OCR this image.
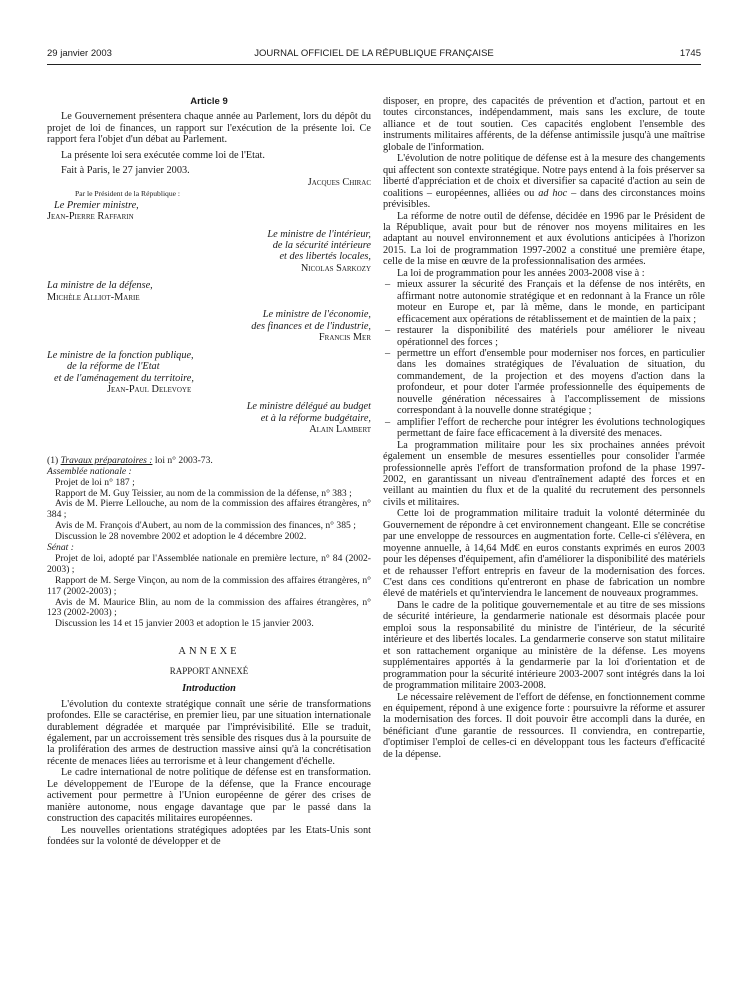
29 janvier 2003	JOURNAL OFFICIEL DE LA RÉPUBLIQUE FRANÇAISE	1745

Article 9

Le Gouvernement présentera chaque année au Parlement, lors du dépôt du projet de loi de finances, un rapport sur l'exécution de la présente loi. Ce rapport fera l'objet d'un débat au Parlement.

La présente loi sera exécutée comme loi de l'Etat.

Fait à Paris, le 27 janvier 2003.

Jacques Chirac

Par le Président de la République :

Le Premier ministre,

Jean-Pierre Raffarin

Le ministre de l'intérieur,

de la sécurité intérieure

et des libertés locales,

Nicolas Sarkozy

La ministre de la défense,

Michèle Alliot-Marie

Le ministre de l'économie,

des finances et de l'industrie,

Francis Mer

Le ministre de la fonction publique,

de la réforme de l'Etat

et de l'aménagement du territoire,

Jean-Paul Delevoye

Le ministre délégué au budget

et à la réforme budgétaire,

Alain Lambert

(1) Travaux préparatoires : loi n° 2003-73.

Assemblée nationale :

Projet de loi n° 187 ;

Rapport de M. Guy Teissier, au nom de la commission de la défense, n° 383 ;

Avis de M. Pierre Lellouche, au nom de la commission des affaires étrangères, n° 384 ;

Avis de M. François d'Aubert, au nom de la commission des finances, n° 385 ;

Discussion le 28 novembre 2002 et adoption le 4 décembre 2002.

Sénat :

Projet de loi, adopté par l'Assemblée nationale en première lecture, n° 84 (2002-2003) ;

Rapport de M. Serge Vinçon, au nom de la commission des affaires étrangères, n° 117 (2002-2003) ;

Avis de M. Maurice Blin, au nom de la commission des affaires étrangères, n° 123 (2002-2003) ;

Discussion les 14 et 15 janvier 2003 et adoption le 15 janvier 2003.

ANNEXE

RAPPORT ANNEXÉ

Introduction

L'évolution du contexte stratégique connaît une série de transformations profondes. Elle se caractérise, en premier lieu, par une situation internationale durablement dégradée et marquée par l'imprévisibilité. Elle se traduit, également, par un accroissement très sensible des risques dus à la poursuite de la prolifération des armes de destruction massive ainsi qu'à la concrétisation récente de menaces liées au terrorisme et à leur changement d'échelle.

Le cadre international de notre politique de défense est en transformation. Le développement de l'Europe de la défense, que la France encourage activement pour permettre à l'Union européenne de gérer des crises de manière autonome, nous engage davantage que par le passé dans la construction des capacités militaires européennes.

Les nouvelles orientations stratégiques adoptées par les Etats-Unis sont fondées sur la volonté de développer et de

disposer, en propre, des capacités de prévention et d'action, partout et en toutes circonstances, indépendamment, mais sans les exclure, de toute alliance et de tout soutien. Ces capacités englobent l'ensemble des instruments militaires afférents, de la défense antimissile jusqu'à une maîtrise globale de l'information.

L'évolution de notre politique de défense est à la mesure des changements qui affectent son contexte stratégique. Notre pays entend à la fois préserver sa liberté d'appréciation et de choix et diversifier sa capacité d'action au sein de coalitions – européennes, alliées ou ad hoc – dans des circonstances moins prévisibles.

La réforme de notre outil de défense, décidée en 1996 par le Président de la République, avait pour but de rénover nos moyens militaires en les adaptant au nouvel environnement et aux évolutions anticipées à l'horizon 2015. La loi de programmation 1997-2002 a constitué une première étape, celle de la mise en œuvre de la professionnalisation des armées.

La loi de programmation pour les années 2003-2008 vise à :

– mieux assurer la sécurité des Français et la défense de nos intérêts, en affirmant notre autonomie stratégique et en redonnant à la France un rôle moteur en Europe et, par là même, dans le monde, en participant efficacement aux opérations de rétablissement et de maintien de la paix ;
– restaurer la disponibilité des matériels pour améliorer le niveau opérationnel des forces ;
– permettre un effort d'ensemble pour moderniser nos forces, en particulier dans les domaines stratégiques de l'évaluation de situation, du commandement, de la projection et des moyens d'action dans la profondeur, et pour doter l'armée professionnelle des équipements de nouvelle génération nécessaires à l'accomplissement de missions correspondant à la nouvelle donne stratégique ;
– amplifier l'effort de recherche pour intégrer les évolutions technologiques permettant de faire face efficacement à la diversité des menaces.

La programmation militaire pour les six prochaines années prévoit également un ensemble de mesures essentielles pour consolider l'armée professionnelle après l'effort de transformation profond de la phase 1997-2002, en garantissant un niveau d'entraînement adapté des forces et en veillant au maintien du flux et de la qualité du recrutement des personnels civils et militaires.

Cette loi de programmation militaire traduit la volonté déterminée du Gouvernement de répondre à cet environnement changeant. Elle se concrétise par une enveloppe de ressources en augmentation forte. Celle-ci s'élèvera, en moyenne annuelle, à 14,64 Md€ en euros constants exprimés en euros 2003 pour les dépenses d'équipement, afin d'améliorer la disponibilité des matériels et de rehausser l'effort entrepris en faveur de la modernisation des forces. C'est dans ces conditions qu'entreront en phase de fabrication un nombre élevé de matériels et qu'interviendra le lancement de nouveaux programmes.

Dans le cadre de la politique gouvernementale et au titre de ses missions de sécurité intérieure, la gendarmerie nationale est désormais placée pour emploi sous la responsabilité du ministre de l'intérieur, de la sécurité intérieure et des libertés locales. La gendarmerie conserve son statut militaire et son rattachement organique au ministère de la défense. Les moyens supplémentaires apportés à la gendarmerie par la loi d'orientation et de programmation pour la sécurité intérieure 2003-2007 sont intégrés dans la loi de programmation militaire 2003-2008.

Le nécessaire relèvement de l'effort de défense, en fonctionnement comme en équipement, répond à une exigence forte : poursuivre la réforme et assurer la modernisation des forces. Il doit pouvoir être accompli dans la durée, en bénéficiant d'une garantie de ressources. Il conviendra, en contrepartie, d'optimiser l'emploi de celles-ci en développant tous les facteurs d'efficacité de la dépense.
